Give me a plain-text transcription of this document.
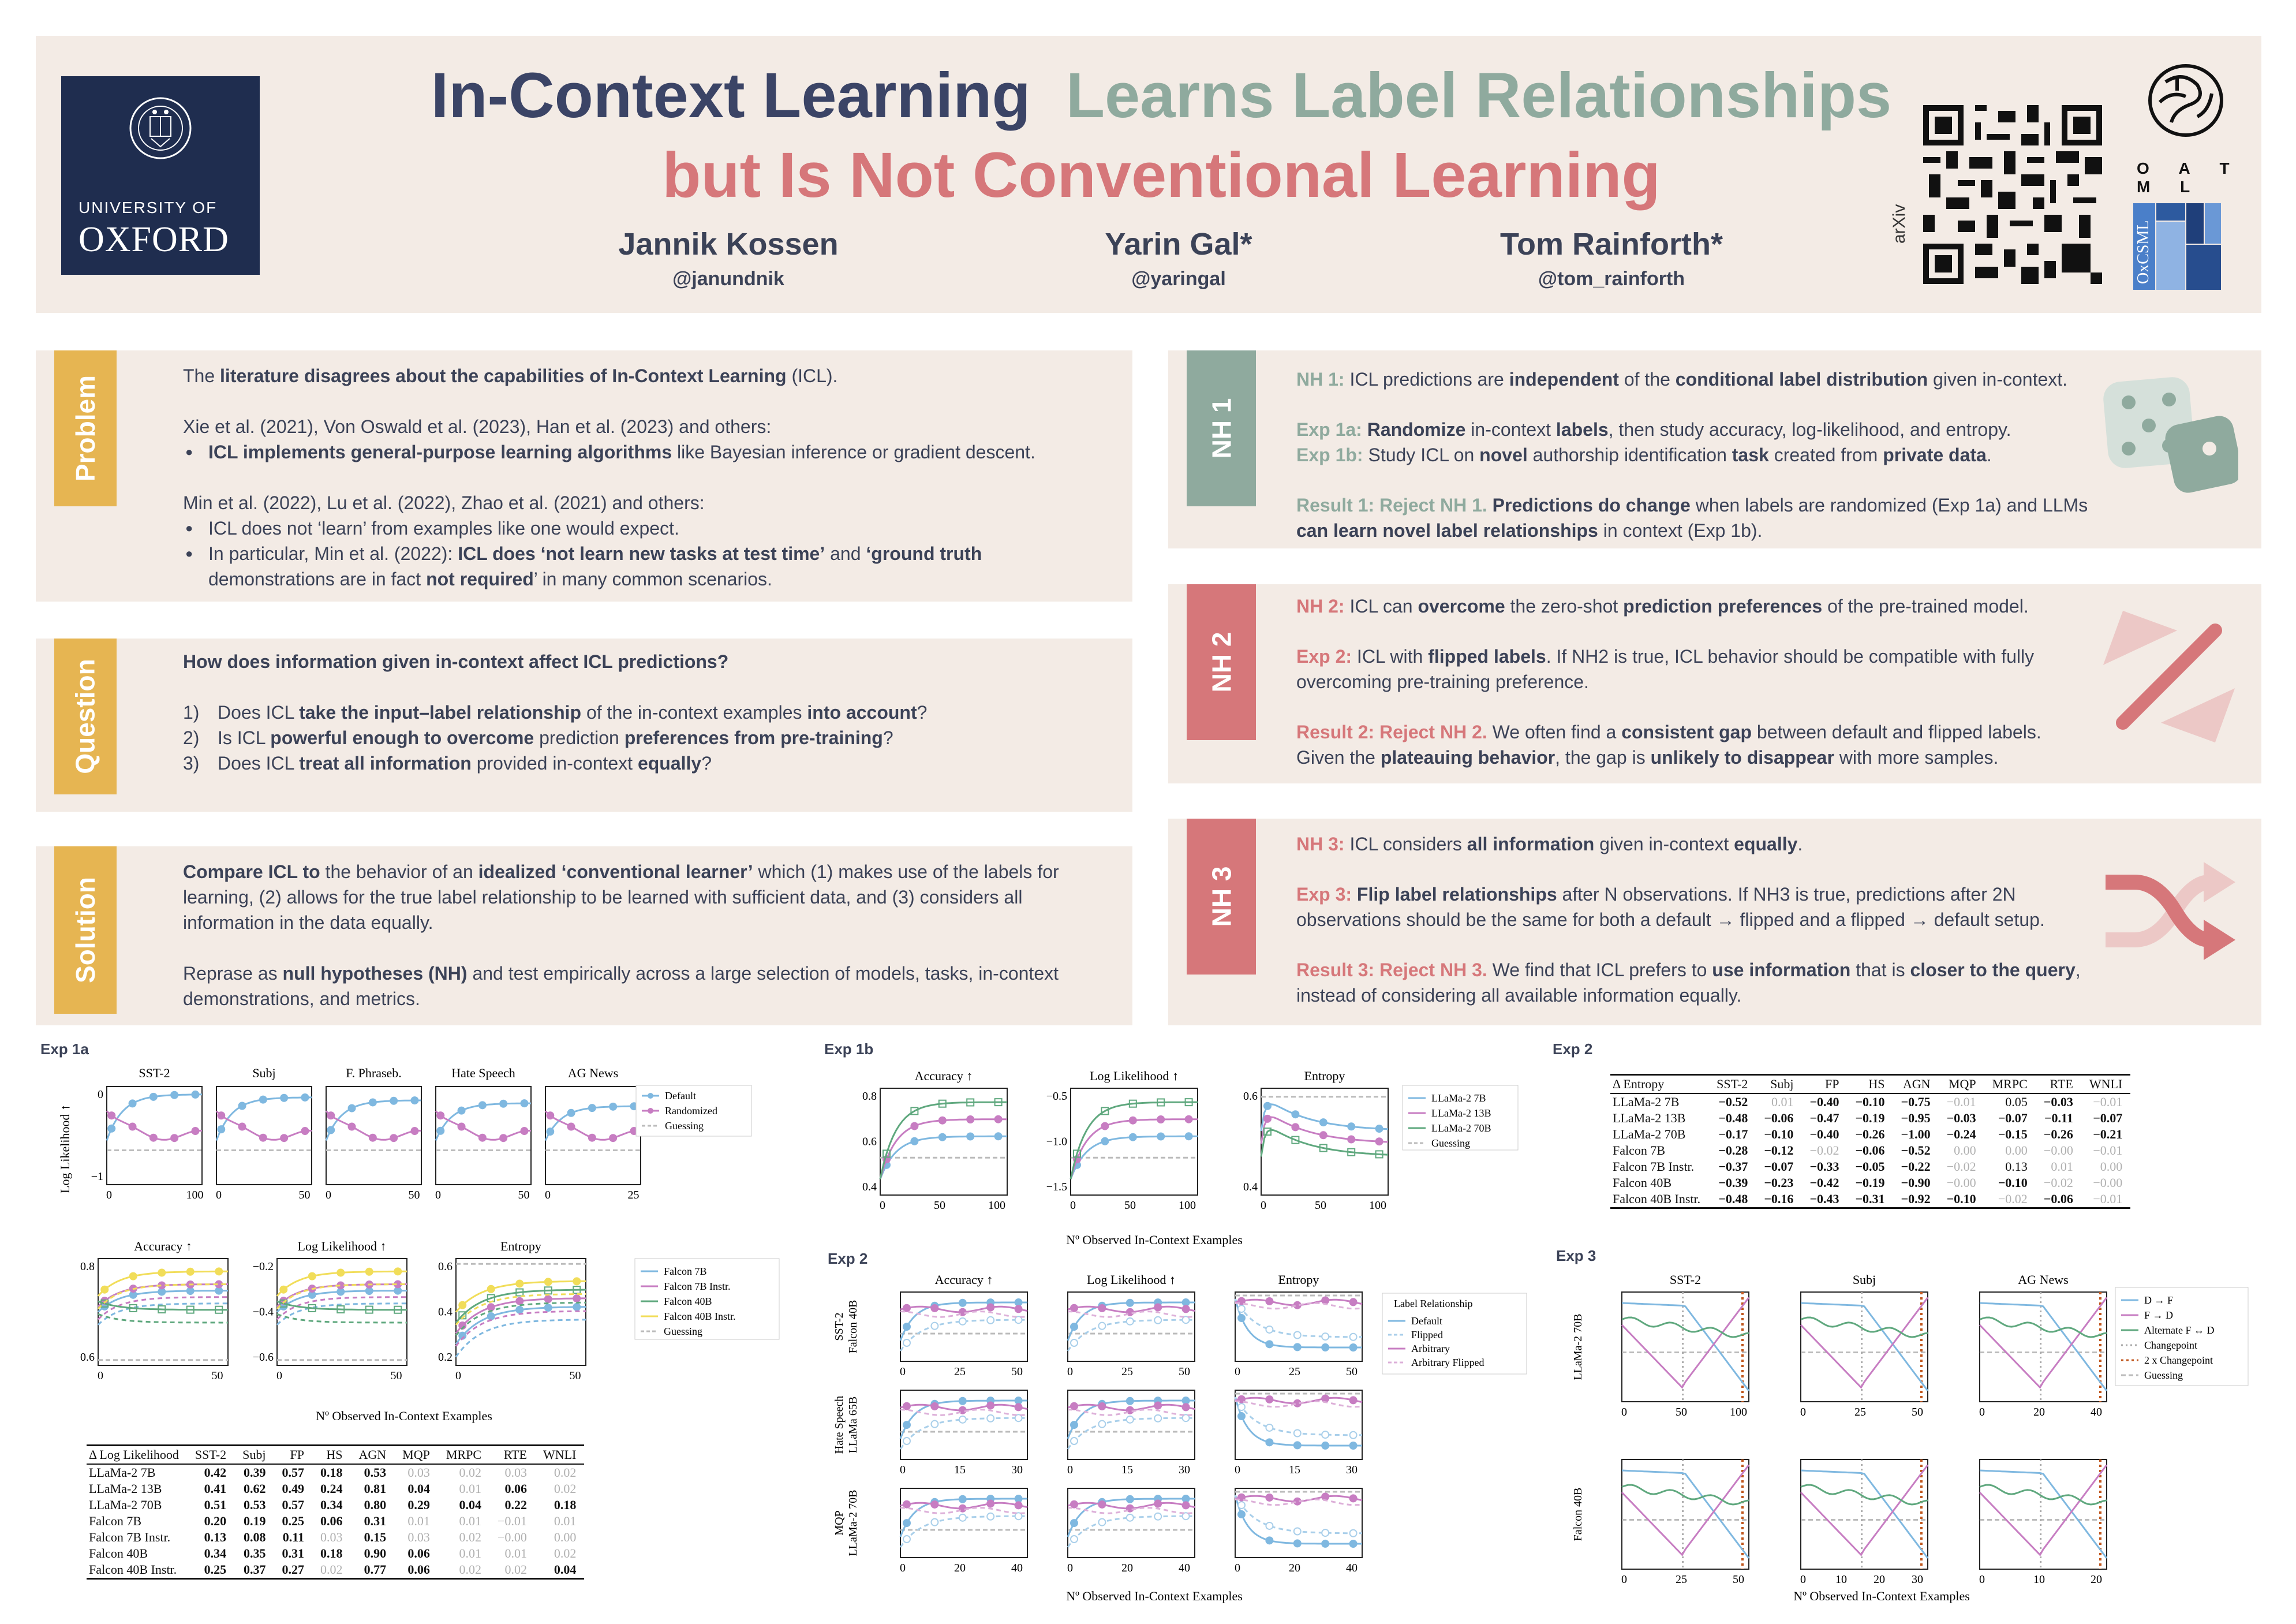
UNIVERSITY OF
OXFORD
In-Context Learning Learns Label Relationships
but Is Not Conventional Learning
Jannik Kossen
@janundnik
Yarin Gal*
@yaringal
Tom Rainforth*
@tom_rainforth
arXiv
O A T M L
OxCSML
Problem	The literature disagrees about the capabilities of In-Context Learning (ICL).

Xie et al. (2021), Von Oswald et al. (2023), Han et al. (2023) and others:

● ICL implements general-purpose learning algorithms like Bayesian inference or gradient descent.

Min et al. (2022), Lu et al. (2022), Zhao et al. (2021) and others:
● ICL does not ‘learn’ from examples like one would expect.
● In particular, Min et al. (2022): ICL does ‘not learn new tasks at test time’ and ‘ground truth
demonstrations are in fact not required’ in many common scenarios.

Question	How does information given in-context affect ICL predictions?

1) Does ICL take the input–label relationship of the in-context examples into account?
2) Is ICL powerful enough to overcome prediction preferences from pre-training?
3) Does ICL treat all information provided in-context equally?
Solution

Compare ICL to the behavior of an idealized ‘conventional learner’ which (1) makes use of the labels for learning, (2) allows for the true label relationship to be learned with sufficient data, and (3) considers all information in the data equally.

Reprase as null hypotheses (NH) and test empirically across a large selection of models, tasks, in-context demonstrations, and metrics.

NH 1

NH 1: ICL predictions are independent of the conditional label distribution given in-context.

Exp 1a: Randomize in-context labels, then study accuracy, log-likelihood, and entropy.
Exp 1b: Study ICL on novel authorship identification task created from private data.

Result 1: Reject NH 1. Predictions do change when labels are randomized (Exp 1a) and LLMs
can learn novel label relationships in context (Exp 1b).

NH 2

NH 2: ICL can overcome the zero-shot prediction preferences of the pre-trained model.

Exp 2: ICL with flipped labels. If NH2 is true, ICL behavior should be compatible with fully overcoming pre-training preference.

Result 2: Reject NH 2. We often find a consistent gap between default and flipped labels.
Given the plateauing behavior, the gap is unlikely to disappear with more samples.

NH 3

NH 3: ICL considers all information given in-context equally.

Exp 3: Flip label relationships after N observations. If NH3 is true, predictions after 2N observations should be the same for both a default → flipped and a flipped → default setup.

Result 3: Reject NH 3. We find that ICL prefers to use information that is closer to the query,
instead of considering all available information equally.

Exp 1a	Exp 1b	Exp 2
Exp 2	Exp 3
Log Likelihood ↑
SST-2
0	100
0
−1
Subj
0	50
F. Phraseb.
0	50
Hate Speech
0	50
AG News
0	25
Default
Randomized
Guessing
Accuracy ↑
0	50
0.8
0.6
Log Likelihood ↑
0	50
−0.2
−0.4
−0.6
Entropy
0	50
0.6
0.4
0.2
Falcon 7B
Falcon 7B Instr.
Falcon 40B
Falcon 40B Instr.
Guessing
Nº Observed In-Context Examples
Accuracy ↑
0	50	100
0.8
0.6
0.4
Log Likelihood ↑
0	50	100
−0.5
−1.0
−1.5
Entropy
0	50	100
0.6
0.4
LLaMa-2 7B
LLaMa-2 13B
LLaMa-2 70B
Guessing
Nº Observed In-Context Examples
Accuracy ↑	Log Likelihood ↑	Entropy
SST-2 Falcon 40B
0	25	50	0	25	50	0	25	50
Hate Speech LLaMa 65B
0	15	30	0	15	30	0	15	30
MQP LLaMa-2 70B
0	20	40	0	20	40	0	20	40
Label Relationship
Default
Flipped
Arbitrary
Arbitrary Flipped
Nº Observed In-Context Examples
SST-2	Subj	AG News
LLaMa-2 70B
0	50	100	0	25	50	0	20	40
Falcon 40B
0	25	50	0	10 20 30	0	10	20
D → F
F → D
Alternate F ↔ D
Changepoint
2 x Changepoint
Guessing
Nº Observed In-Context Examples
Δ Log Likelihood	SST-2	Subj	FP	HS	AGN	MQP	MRPC	RTE	WNLI
LLaMa-2 7B	0.42	0.39	0.57	0.18	0.53	0.03	0.02	0.03	0.02
LLaMa-2 13B	0.41	0.62	0.49	0.24	0.81	0.04	0.01	0.06	0.02
LLaMa-2 70B	0.51	0.53	0.57	0.34	0.80	0.29	0.04	0.22	0.18
Falcon 7B	0.20	0.19	0.25	0.06	0.31	0.01	0.01	−0.01	0.01
Falcon 7B Instr.	0.13	0.08	0.11	0.03	0.15	0.03	0.02	−0.00	0.00
Falcon 40B	0.34	0.35	0.31	0.18	0.90	0.06	0.01	0.01	0.02
Falcon 40B Instr.	0.25	0.37	0.27	0.02	0.77	0.06	0.02	0.02	0.04
Δ Entropy	SST-2	Subj	FP	HS	AGN	MQP	MRPC	RTE	WNLI
LLaMa-2 7B	−0.52	0.01	−0.40	−0.10	−0.75	−0.01	0.05	−0.03	−0.01
LLaMa-2 13B	−0.48	−0.06	−0.47	−0.19	−0.95	−0.03	−0.07	−0.11	−0.07
LLaMa-2 70B	−0.17	−0.10	−0.40	−0.26	−1.00	−0.24	−0.15	−0.26	−0.21
Falcon 7B	−0.28	−0.12	−0.02	−0.06	−0.52	0.00	0.00	−0.00	−0.01
Falcon 7B Instr.	−0.37	−0.07	−0.33	−0.05	−0.22	−0.02	0.13	0.01	0.00
Falcon 40B	−0.39	−0.23	−0.42	−0.19	−0.90	−0.00	−0.10	−0.02	−0.00
Falcon 40B Instr.	−0.48	−0.16	−0.43	−0.31	−0.92	−0.10	−0.02	−0.06	−0.01
